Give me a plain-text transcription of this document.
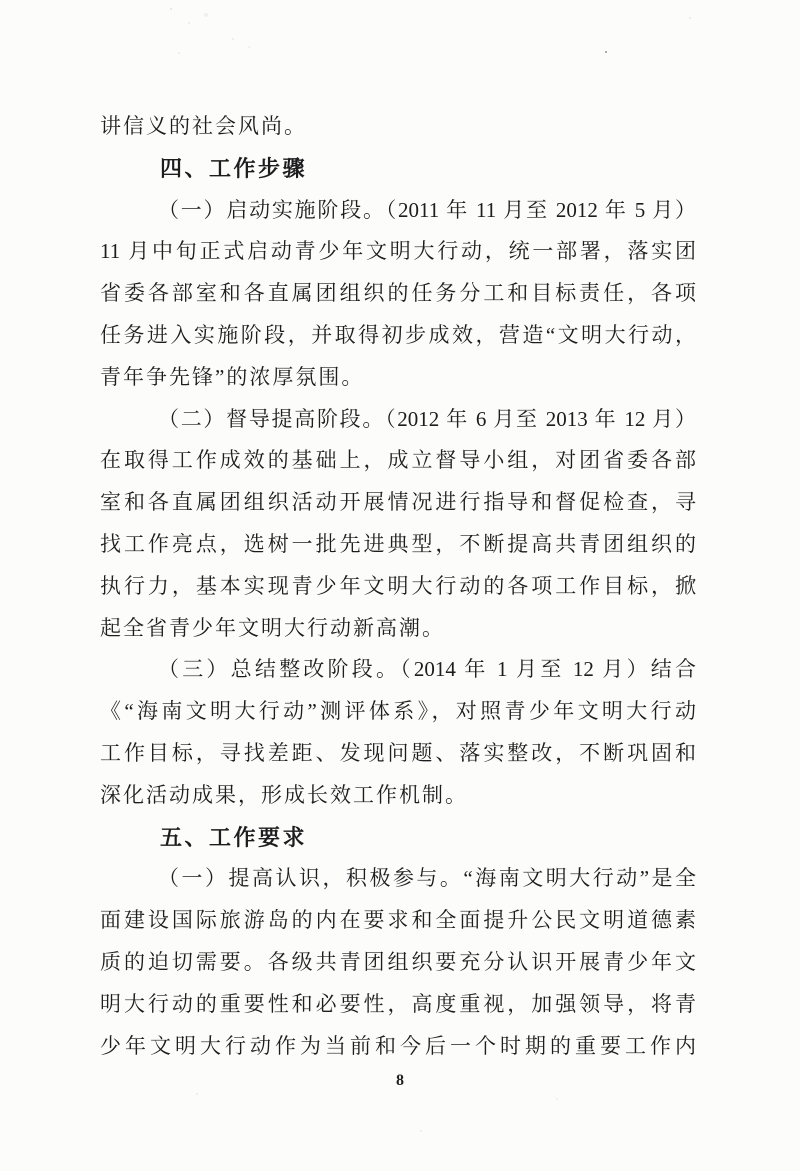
讲信义的社会风尚。
四、工作步骤
（一）启动实施阶段。（2011 年 11 月至 2012 年 5 月）
11 月中旬正式启动青少年文明大行动，统一部署，落实团
省委各部室和各直属团组织的任务分工和目标责任，各项
任务进入实施阶段，并取得初步成效，营造“文明大行动，
青年争先锋”的浓厚氛围。
（二）督导提高阶段。（2012 年 6 月至 2013 年 12 月）
在取得工作成效的基础上，成立督导小组，对团省委各部
室和各直属团组织活动开展情况进行指导和督促检查，寻
找工作亮点，选树一批先进典型，不断提高共青团组织的
执行力，基本实现青少年文明大行动的各项工作目标，掀
起全省青少年文明大行动新高潮。
（三）总结整改阶段。（2014 年 1 月至 12 月）结合
《“海南文明大行动”测评体系》，对照青少年文明大行动
工作目标，寻找差距、发现问题、落实整改，不断巩固和
深化活动成果，形成长效工作机制。
五、工作要求
（一）提高认识，积极参与。“海南文明大行动”是全
面建设国际旅游岛的内在要求和全面提升公民文明道德素
质的迫切需要。各级共青团组织要充分认识开展青少年文
明大行动的重要性和必要性，高度重视，加强领导，将青
少年文明大行动作为当前和今后一个时期的重要工作内
8
